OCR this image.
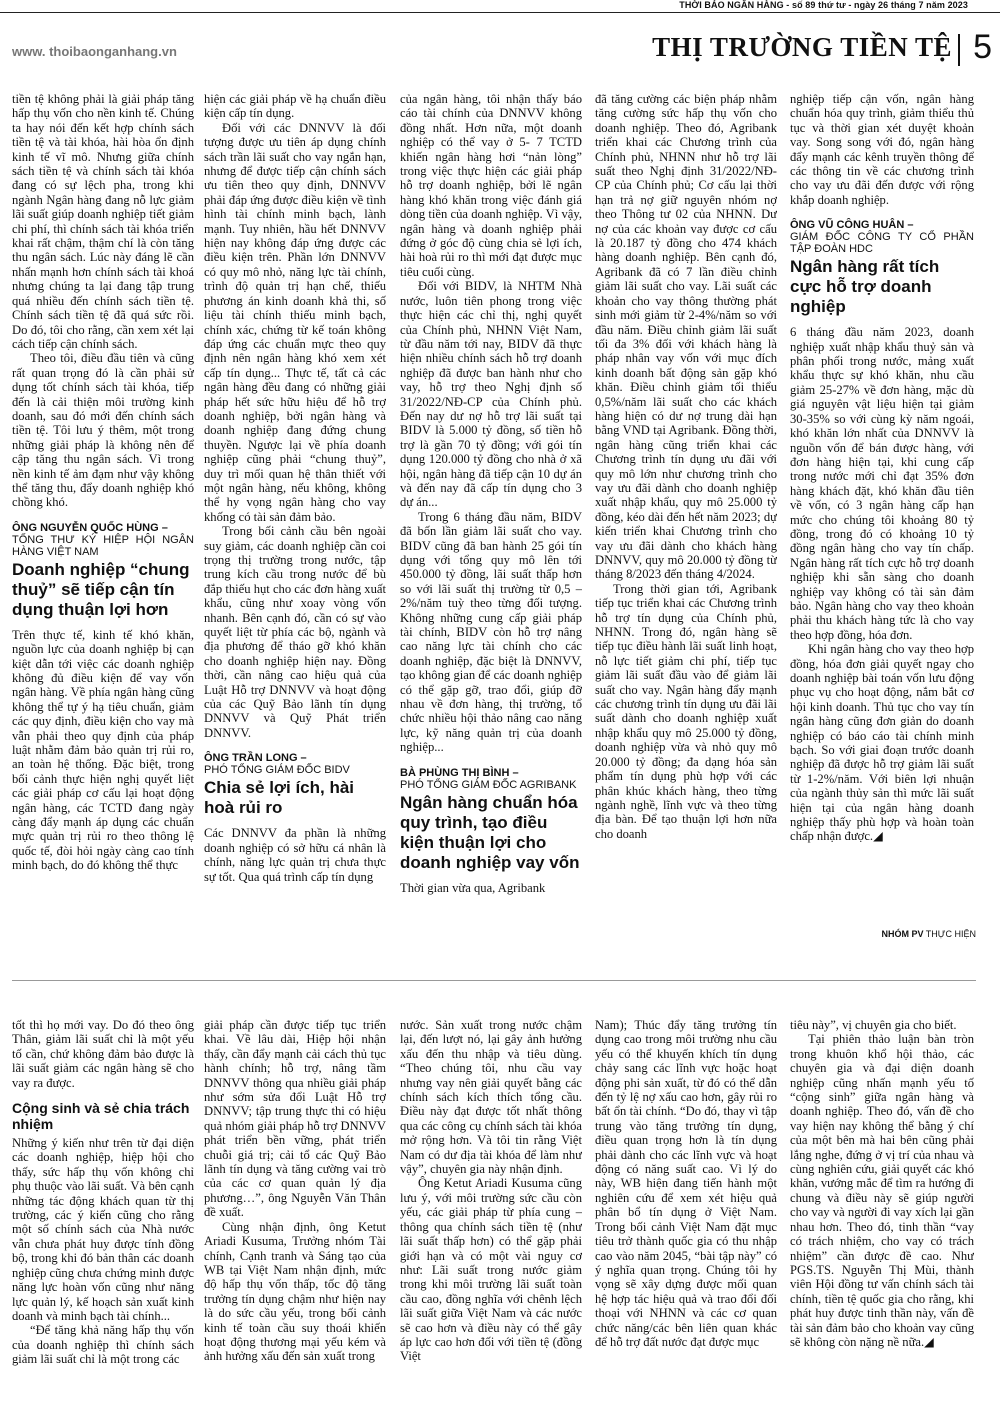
THỜI BÁO NGÂN HÀNG - số 89 thứ tư - ngày 26 tháng 7 năm 2023
www. thoibaonganhang.vn	THỊ TRƯỜNG TIỀN TỆ 5

tiền tệ không phải là giải pháp tăng hấp thụ vốn cho nền kinh tế. Chúng ta hay nói đến kết hợp chính sách tiền tệ và tài khóa, hài hòa ổn định kinh tế vĩ mô. Nhưng giữa chính sách tiền tệ và chính sách tài khóa đang có sự lệch pha, trong khi ngành Ngân hàng đang nỗ lực giảm lãi suất giúp doanh nghiệp tiết giảm chi phí, thì chính sách tài khóa triển khai rất chậm, thậm chí là còn tăng thu ngân sách. Lúc này đáng lẽ cần nhấn mạnh hơn chính sách tài khoá nhưng chúng ta lại đang tập trung quá nhiều đến chính sách tiền tệ. Chính sách tiền tệ đã quá sức rồi. Do đó, tôi cho rằng, cần xem xét lại cách tiếp cận chính sách.

Theo tôi, điều đầu tiên và cũng rất quan trọng đó là cần phải sử dụng tốt chính sách tài khóa, tiếp đến là cải thiện môi trường kinh doanh, sau đó mới đến chính sách tiền tệ. Tôi lưu ý thêm, một trong những giải pháp là không nên để cập tăng thu ngân sách. Vì trong nền kinh tế ảm đạm như vậy không thể tăng thu, đẩy doanh nghiệp khó chồng khó.

ÔNG NGUYỄN QUỐC HÙNG –
TỔNG THƯ KÝ HIỆP HỘI NGÂN HÀNG VIỆT NAM
Doanh nghiệp “chung thuỷ” sẽ tiếp cận tín dụng thuận lợi hơn

Trên thực tế, kinh tế khó khăn, nguồn lực của doanh nghiệp bị cạn kiệt dẫn tới việc các doanh nghiệp không đủ điều kiện để vay vốn ngân hàng. Về phía ngân hàng cũng không thể tự ý hạ tiêu chuẩn, giảm các quy định, điều kiện cho vay mà vẫn phải theo quy định của pháp luật nhằm đảm bảo quản trị rủi ro, an toàn hệ thống. Đặc biệt, trong bối cảnh thực hiện nghị quyết liệt các giải pháp cơ cấu lại hoạt động ngân hàng, các TCTD đang ngày càng đẩy mạnh áp dụng các chuẩn mực quản trị rủi ro theo thông lệ quốc tế, đòi hỏi ngày càng cao tính minh bạch, do đó không thể thực

hiện các giải pháp về hạ chuẩn điều kiện cấp tín dụng.

Đối với các DNNVV là đối tượng được ưu tiên áp dụng chính sách trần lãi suất cho vay ngắn hạn, nhưng để được tiếp cận chính sách ưu tiên theo quy định, DNNVV phải đáp ứng được điều kiện về tình hình tài chính minh bạch, lành mạnh. Tuy nhiên, hầu hết DNNVV hiện nay không đáp ứng được các điều kiện trên. Phần lớn DNNVV có quy mô nhỏ, năng lực tài chính, trình độ quản trị hạn chế, thiếu phương án kinh doanh khả thi, số liệu tài chính thiếu minh bạch, chính xác, chứng từ kế toán không đáp ứng các chuẩn mực theo quy định nên ngân hàng khó xem xét cấp tín dụng... Thực tế, tất cả các ngân hàng đều đang có những giải pháp hết sức hữu hiệu để hỗ trợ doanh nghiệp, bởi ngân hàng và doanh nghiệp đang đứng chung thuyền. Ngược lại về phía doanh nghiệp cũng phải “chung thuỷ”, duy trì mối quan hệ thân thiết với một ngân hàng, nếu không, không thể hy vọng ngân hàng cho vay khống có tài sản đảm bảo.

Trong bối cảnh cầu bên ngoài suy giảm, các doanh nghiệp cần coi trọng thị trường trong nước, tập trung kích cầu trong nước để bù đắp thiếu hụt cho các đơn hàng xuất khẩu, cũng như xoay vòng vốn nhanh. Bên cạnh đó, cần có sự vào quyết liệt từ phía các bộ, ngành và địa phương để tháo gỡ khó khăn cho doanh nghiệp hiện nay. Đồng thời, cần nâng cao hiệu quả của Luật Hỗ trợ DNNVV và hoạt động của các Quỹ Bảo lãnh tín dụng DNNVV và Quỹ Phát triển DNNVV.

ÔNG TRẦN LONG –
PHÓ TỔNG GIÁM ĐỐC BIDV
Chia sẻ lợi ích, hài hoà rủi ro

Các DNNVV đa phần là những doanh nghiệp có sở hữu cá nhân là chính, năng lực quản trị chưa thực sự tốt. Qua quá trình cấp tín dụng

của ngân hàng, tôi nhận thấy báo cáo tài chính của DNNVV không đồng nhất. Hơn nữa, một doanh nghiệp có thể vay ở 5- 7 TCTD khiến ngân hàng hơi “nản lòng” trong việc thực hiện các giải pháp hỗ trợ doanh nghiệp, bởi lẽ ngân hàng khó khăn trong việc đánh giá dòng tiền của doanh nghiệp. Vì vậy, ngân hàng và doanh nghiệp phải đứng ở góc độ cùng chia sẻ lợi ích, hài hoà rủi ro thì mới đạt được mục tiêu cuối cùng.

Đối với BIDV, là NHTM Nhà nước, luôn tiên phong trong việc thực hiện các chỉ thị, nghị quyết của Chính phủ, NHNN Việt Nam, từ đầu năm tới nay, BIDV đã thực hiện nhiều chính sách hỗ trợ doanh nghiệp đã được ban hành như cho vay, hỗ trợ theo Nghị định số 31/2022/NĐ-CP của Chính phủ. Đến nay dư nợ hỗ trợ lãi suất tại BIDV là 5.000 tỷ đồng, số tiền hỗ trợ là gần 70 tỷ đồng; với gói tín dụng 120.000 tỷ đồng cho nhà ở xã hội, ngân hàng đã tiếp cận 10 dự án và đến nay đã cấp tín dụng cho 3 dự án...

Trong 6 tháng đầu năm, BIDV đã bốn lần giảm lãi suất cho vay. BIDV cũng đã ban hành 25 gói tín dụng với tổng quy mô lên tới 450.000 tỷ đồng, lãi suất thấp hơn so với lãi suất thị trường từ 0,5 – 2%/năm tuỳ theo từng đối tượng. Không những cung cấp giải pháp tài chính, BIDV còn hỗ trợ nâng cao năng lực tài chính cho các doanh nghiệp, đặc biệt là DNNVV, tạo không gian để các doanh nghiệp có thể gặp gỡ, trao đổi, giúp đỡ nhau về đơn hàng, thị trường, tổ chức nhiều hội thảo nâng cao năng lực, kỹ năng quản trị của doanh nghiệp...

BÀ PHÙNG THỊ BÌNH –
PHÓ TỔNG GIÁM ĐỐC AGRIBANK
Ngân hàng chuẩn hóa quy trình, tạo điều kiện thuận lợi cho doanh nghiệp vay vốn

Thời gian vừa qua, Agribank

đã tăng cường các biện pháp nhằm tăng cường sức hấp thụ vốn cho doanh nghiệp. Theo đó, Agribank triển khai các Chương trình của Chính phủ, NHNN như hỗ trợ lãi suất theo Nghị định 31/2022/NĐ-CP của Chính phủ; Cơ cấu lại thời hạn trả nợ giữ nguyên nhóm nợ theo Thông tư 02 của NHNN. Dư nợ của các khoản vay được cơ cấu là 20.187 tỷ đồng cho 474 khách hàng doanh nghiệp. Bên cạnh đó, Agribank đã có 7 lần điều chỉnh giảm lãi suất cho vay. Lãi suất các khoản cho vay thông thường phát sinh mới giảm từ 2-4%/năm so với đầu năm. Điều chỉnh giảm lãi suất tối đa 3% đối với khách hàng là pháp nhân vay vốn với mục đích kinh doanh bất động sản gặp khó khăn. Điều chỉnh giảm tối thiểu 0,5%/năm lãi suất cho các khách hàng hiện có dư nợ trung dài hạn bằng VND tại Agribank. Đồng thời, ngân hàng cũng triển khai các Chương trình tín dụng ưu đãi với quy mô lớn như chương trình cho vay ưu đãi dành cho doanh nghiệp xuất nhập khẩu, quy mô 25.000 tỷ đồng, kéo dài đến hết năm 2023; dự kiến triển khai Chương trình cho vay ưu đãi dành cho khách hàng DNNVV, quy mô 20.000 tỷ đồng từ tháng 8/2023 đến tháng 4/2024.

Trong thời gian tới, Agribank tiếp tục triển khai các Chương trình hỗ trợ tín dụng của Chính phủ, NHNN. Trong đó, ngân hàng sẽ tiếp tục điều hành lãi suất linh hoạt, nỗ lực tiết giảm chi phí, tiếp tục giảm lãi suất đầu vào để giảm lãi suất cho vay. Ngân hàng đẩy mạnh các chương trình tín dụng ưu đãi lãi suất dành cho doanh nghiệp xuất nhập khẩu quy mô 25.000 tỷ đồng, doanh nghiệp vừa và nhỏ quy mô 20.000 tỷ đồng; đa dạng hóa sản phẩm tín dụng phù hợp với các phân khúc khách hàng, theo từng ngành nghề, lĩnh vực và theo từng địa bàn. Để tạo thuận lợi hơn nữa cho doanh

nghiệp tiếp cận vốn, ngân hàng chuẩn hóa quy trình, giảm thiểu thủ tục và thời gian xét duyệt khoản vay. Song song với đó, ngân hàng đẩy mạnh các kênh truyền thông để các thông tin về các chương trình cho vay ưu đãi đến được với rộng khắp doanh nghiệp.

ÔNG VŨ CÔNG HUÂN –
GIÁM ĐỐC CÔNG TY CỔ PHẦN TẬP ĐOÀN HDC
Ngân hàng rất tích cực hỗ trợ doanh nghiệp

6 tháng đầu năm 2023, doanh nghiệp xuất nhập khẩu thuỷ sản và phân phối trong nước, mảng xuất khẩu thực sự khó khăn, nhu cầu giảm 25-27% về đơn hàng, mặc dù giá nguyên vật liệu hiện tại giảm 30-35% so với cùng kỳ năm ngoái, khó khăn lớn nhất của DNNVV là nguồn vốn để bán được hàng, với đơn hàng hiện tại, khi cung cấp trong nước mới chỉ đạt 35% đơn hàng khách đặt, khó khăn đầu tiên về vốn, có 3 ngân hàng cấp hạn mức cho chúng tôi khoảng 80 tỷ đồng, trong đó có khoảng 10 tỷ đồng ngân hàng cho vay tín chấp. Ngân hàng rất tích cực hỗ trợ doanh nghiệp khi sẵn sàng cho doanh nghiệp vay không có tài sản đảm bảo. Ngân hàng cho vay theo khoản phải thu khách hàng tức là cho vay theo hợp đồng, hóa đơn.

Khi ngân hàng cho vay theo hợp đồng, hóa đơn giải quyết ngay cho doanh nghiệp bài toán vốn lưu động phục vụ cho hoạt động, nắm bắt cơ hội kinh doanh. Thủ tục cho vay tín ngân hàng cũng đơn giản do doanh nghiệp có báo cáo tài chính minh bạch. So với giai đoạn trước doanh nghiệp đã được hỗ trợ giảm lãi suất từ 1-2%/năm. Với biên lợi nhuận của ngành thủy sản thì mức lãi suất hiện tại của ngân hàng doanh nghiệp thấy phù hợp và hoàn toàn chấp nhận được.◢

NHÓM PV THỰC HIỆN

tốt thì họ mới vay. Do đó theo ông Thân, giảm lãi suất chỉ là một yếu tố cần, chứ không đảm bảo được là lãi suất giảm các ngân hàng sẽ cho vay ra được.

Cộng sinh và sẻ chia trách nhiệm

Những ý kiến như trên từ đại diện các doanh nghiệp, hiệp hội cho thấy, sức hấp thụ vốn không chỉ phụ thuộc vào lãi suất. Và bên cạnh những tác động khách quan từ thị trường, các ý kiến cũng cho rằng một số chính sách của Nhà nước vẫn chưa phát huy được tính đồng bộ, trong khi đó bản thân các doanh nghiệp cũng chưa chứng minh được năng lực hoàn vốn cũng như năng lực quản lý, kế hoạch sản xuất kinh doanh và minh bạch tài chính...

“Để tăng khả năng hấp thụ vốn của doanh nghiệp thì chính sách giảm lãi suất chỉ là một trong các

giải pháp cần được tiếp tục triển khai. Về lâu dài, Hiệp hội nhận thấy, cần đẩy mạnh cải cách thủ tục hành chính; hỗ trợ, nâng tầm DNNVV thông qua nhiều giải pháp như sớm sửa đổi Luật Hỗ trợ DNNVV; tập trung thực thi có hiệu quả nhóm giải pháp hỗ trợ DNNVV phát triển bền vững, phát triển chuỗi giá trị; cải tổ các Quỹ Bảo lãnh tín dụng và tăng cường vai trò của các cơ quan quản lý địa phương…”, ông Nguyễn Văn Thân đề xuất.

Cùng nhận định, ông Ketut Ariadi Kusuma, Trưởng nhóm Tài chính, Cạnh tranh và Sáng tạo của WB tại Việt Nam nhận định, mức độ hấp thụ vốn thấp, tốc độ tăng trưởng tín dụng chậm như hiện nay là do sức cầu yếu, trong bối cảnh kinh tế toàn cầu suy thoái khiến hoạt động thương mại yếu kém và ảnh hưởng xấu đến sản xuất trong

nước. Sản xuất trong nước chậm lại, đến lượt nó, lại gây ảnh hưởng xấu đến thu nhập và tiêu dùng. “Theo chúng tôi, nhu cầu vay nhưng vay nên giải quyết bằng các chính sách kích thích tổng cầu. Điều này đạt được tốt nhất thông qua các công cụ chính sách tài khóa mở rộng hơn. Và tôi tin rằng Việt Nam có dư địa tài khóa để làm như vậy”, chuyên gia này nhận định.

Ông Ketut Ariadi Kusuma cũng lưu ý, với môi trường sức cầu còn yếu, các giải pháp từ phía cung – thông qua chính sách tiền tệ (như lãi suất thấp hơn) có thể gặp phải giới hạn và có một vài nguy cơ như: Lãi suất trong nước giảm trong khi môi trường lãi suất toàn cầu cao, đồng nghĩa với chênh lệch lãi suất giữa Việt Nam và các nước sẽ cao hơn và điều này có thể gây áp lực cao hơn đối với tiền tệ (đồng Việt

Nam); Thúc đẩy tăng trưởng tín dụng cao trong môi trường nhu cầu yếu có thể khuyến khích tín dụng chảy sang các lĩnh vực hoặc hoạt động phi sản xuất, từ đó có thể dẫn đến tỷ lệ nợ xấu cao hơn, gây rủi ro bất ổn tài chính. “Do đó, thay vì tập trung vào tăng trưởng tín dụng, điều quan trọng hơn là tín dụng phải dành cho các lĩnh vực và hoạt động có năng suất cao. Vì lý do này, WB hiện đang tiến hành một nghiên cứu để xem xét hiệu quả phân bổ tín dụng ở Việt Nam. Trong bối cảnh Việt Nam đặt mục tiêu trở thành quốc gia có thu nhập cao vào năm 2045, “bài tập này” có ý nghĩa quan trọng. Chúng tôi hy vọng sẽ xây dựng được mối quan hệ hợp tác hiệu quả và trao đổi đối thoại với NHNN và các cơ quan chức năng/các bên liên quan khác để hỗ trợ đất nước đạt được mục

tiêu này”, vị chuyên gia cho biết.

Tại phiên thảo luận bàn tròn trong khuôn khổ hội thảo, các chuyên gia và đại diện doanh nghiệp cũng nhấn mạnh yếu tố “cộng sinh” giữa ngân hàng và doanh nghiệp. Theo đó, vấn đề cho vay hiện nay không thể bằng ý chí của một bên mà hai bên cũng phải lắng nghe, đứng ở vị trí của nhau và cùng nghiên cứu, giải quyết các khó khăn, vướng mắc để tìm ra hướng đi chung và điều này sẽ giúp người cho vay và người đi vay xích lại gần nhau hơn. Theo đó, tinh thần “vay có trách nhiệm, cho vay có trách nhiệm” cần được đề cao. Như PGS.TS. Nguyễn Thị Mùi, thành viên Hội đồng tư vấn chính sách tài chính, tiền tệ quốc gia cho rằng, khi phát huy được tinh thần này, vấn đề tài sản đảm bảo cho khoản vay cũng sẽ không còn nặng nề nữa.◢
